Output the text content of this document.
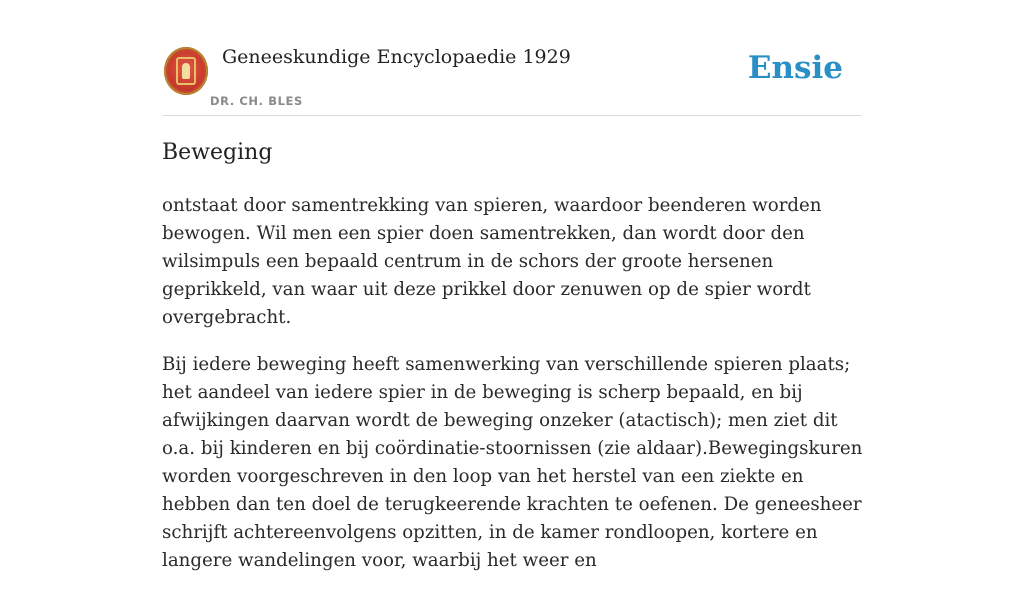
Geneeskundige Encyclopaedie 1929
DR. CH. BLES
Ensie
Beweging

ontstaat door samentrekking van spieren, waardoor beenderen worden bewogen. Wil men een spier doen samentrekken, dan wordt door den wilsimpuls een bepaald centrum in de schors der groote hersenen geprikkeld, van waar uit deze prikkel door zenuwen op de spier wordt overgebracht.

Bij iedere beweging heeft samenwerking van verschillende spieren plaats; het aandeel van iedere spier in de beweging is scherp bepaald, en bij afwijkingen daarvan wordt de beweging onzeker (atactisch); men ziet dit o.a. bij kinderen en bij coördinatie-stoornissen (zie aldaar).Bewegingskuren worden voorgeschreven in den loop van het herstel van een ziekte en hebben dan ten doel de terugkeerende krachten te oefenen. De geneesheer schrijft achtereenvolgens opzitten, in de kamer rondloopen, kortere en langere wandelingen voor, waarbij het weer en
